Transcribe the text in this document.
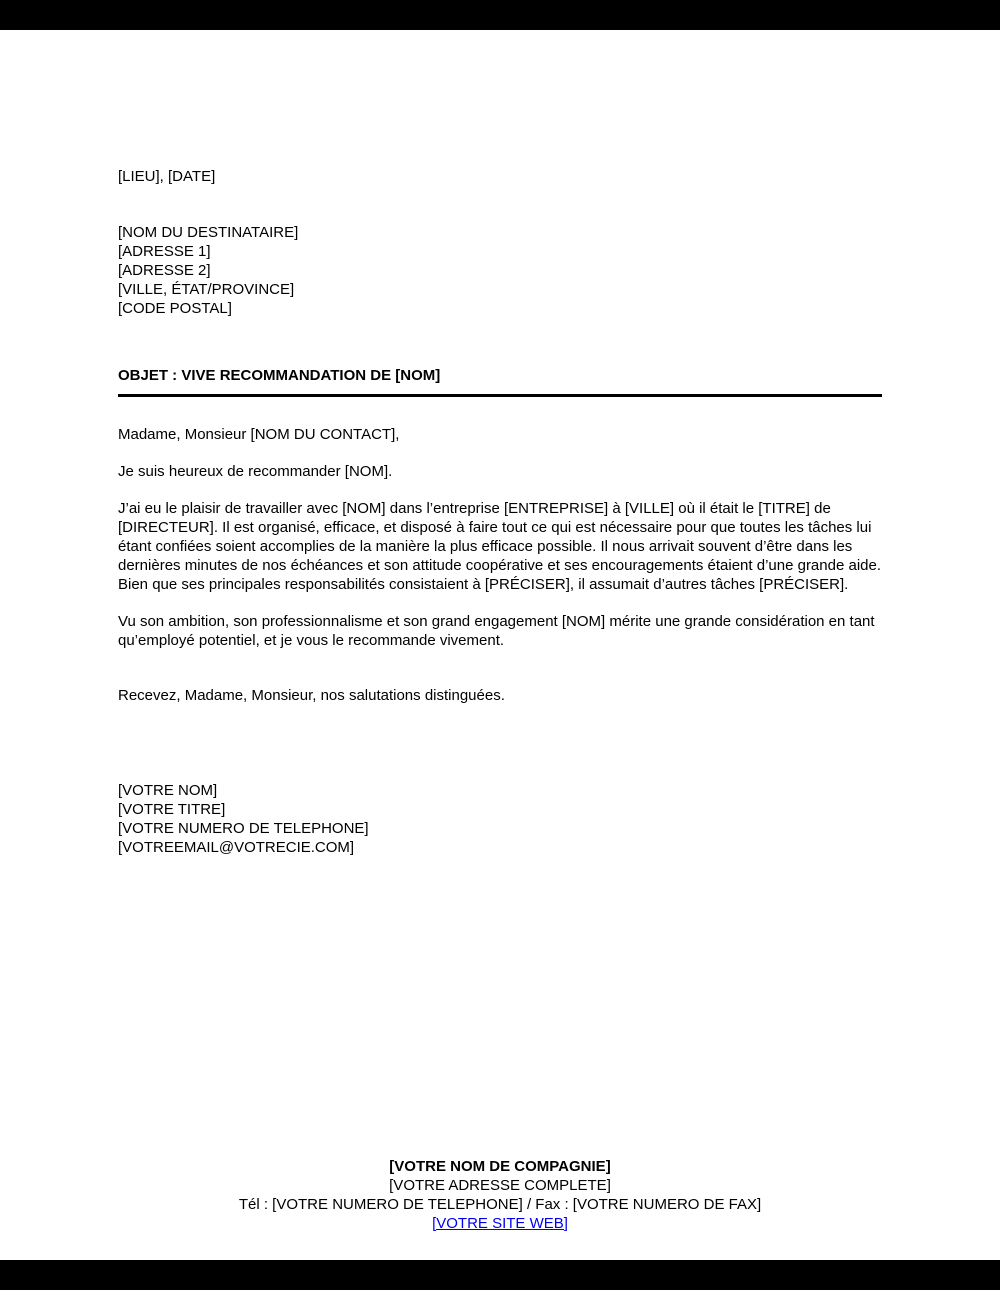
[LIEU], [DATE]
[NOM DU DESTINATAIRE]
[ADRESSE 1]
[ADRESSE 2]
[VILLE, ÉTAT/PROVINCE]
[CODE POSTAL]
OBJET : VIVE RECOMMANDATION DE [NOM]
Madame, Monsieur [NOM DU CONTACT],
Je suis heureux de recommander [NOM].
J’ai eu le plaisir de travailler avec [NOM] dans l’entreprise [ENTREPRISE] à [VILLE] où il était le [TITRE] de [DIRECTEUR]. Il est organisé, efficace, et disposé à faire tout ce qui est nécessaire pour que toutes les tâches lui étant confiées soient accomplies de la manière la plus efficace possible. Il nous arrivait souvent d’être dans les dernières minutes de nos échéances et son attitude coopérative et ses encouragements étaient d’une grande aide. Bien que ses principales responsabilités consistaient à [PRÉCISER], il assumait d’autres tâches [PRÉCISER].
Vu son ambition, son professionnalisme et son grand engagement [NOM] mérite une grande considération en tant qu’employé potentiel, et je vous le recommande vivement.
Recevez, Madame, Monsieur, nos salutations distinguées.
[VOTRE NOM]
[VOTRE TITRE]
[VOTRE NUMERO DE TELEPHONE]
[VOTREEMAIL@VOTRECIE.COM]
[VOTRE NOM DE COMPAGNIE]
[VOTRE ADRESSE COMPLETE]
Tél : [VOTRE NUMERO DE TELEPHONE] / Fax : [VOTRE NUMERO DE FAX]
[VOTRE SITE WEB]
